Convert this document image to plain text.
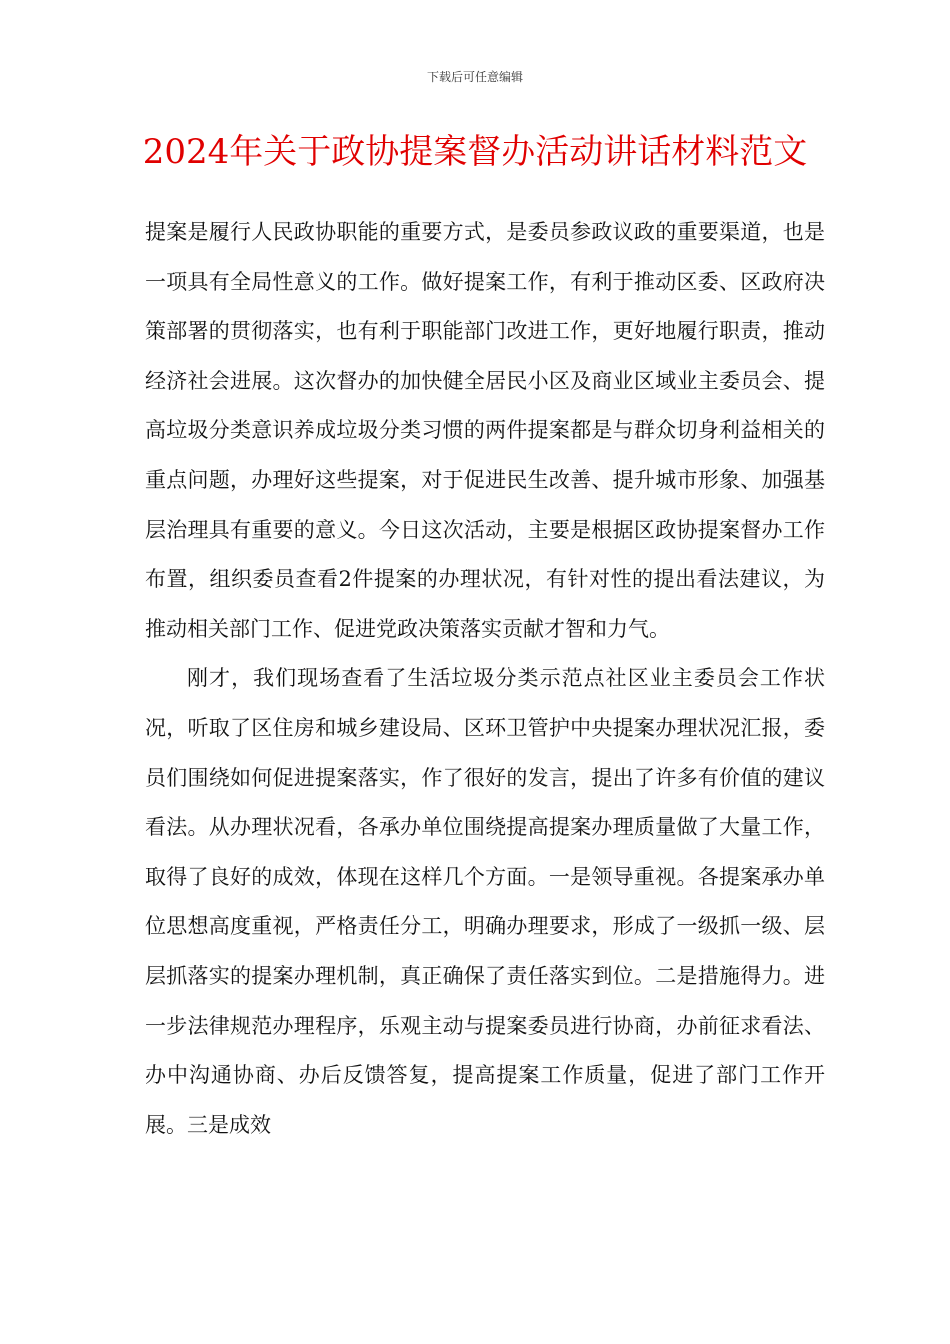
下载后可任意编辑
2024年关于政协提案督办活动讲话材料范文

提案是履行人民政协职能的重要方式，是委员参政议政的重要渠道，也是一项具有全局性意义的工作。做好提案工作，有利于推动区委、区政府决策部署的贯彻落实，也有利于职能部门改进工作，更好地履行职责，推动经济社会进展。这次督办的加快健全居民小区及商业区域业主委员会、提高垃圾分类意识养成垃圾分类习惯的两件提案都是与群众切身利益相关的重点问题，办理好这些提案，对于促进民生改善、提升城市形象、加强基层治理具有重要的意义。今日这次活动，主要是根据区政协提案督办工作布置，组织委员查看2件提案的办理状况，有针对性的提出看法建议，为推动相关部门工作、促进党政决策落实贡献才智和力气。

刚才，我们现场查看了生活垃圾分类示范点社区业主委员会工作状况，听取了区住房和城乡建设局、区环卫管护中央提案办理状况汇报，委员们围绕如何促进提案落实，作了很好的发言，提出了许多有价值的建议看法。从办理状况看，各承办单位围绕提高提案办理质量做了大量工作，取得了良好的成效，体现在这样几个方面。一是领导重视。各提案承办单位思想高度重视，严格责任分工，明确办理要求，形成了一级抓一级、层层抓落实的提案办理机制，真正确保了责任落实到位。二是措施得力。进一步法律规范办理程序，乐观主动与提案委员进行协商，办前征求看法、办中沟通协商、办后反馈答复，提高提案工作质量，促进了部门工作开展。三是成效
